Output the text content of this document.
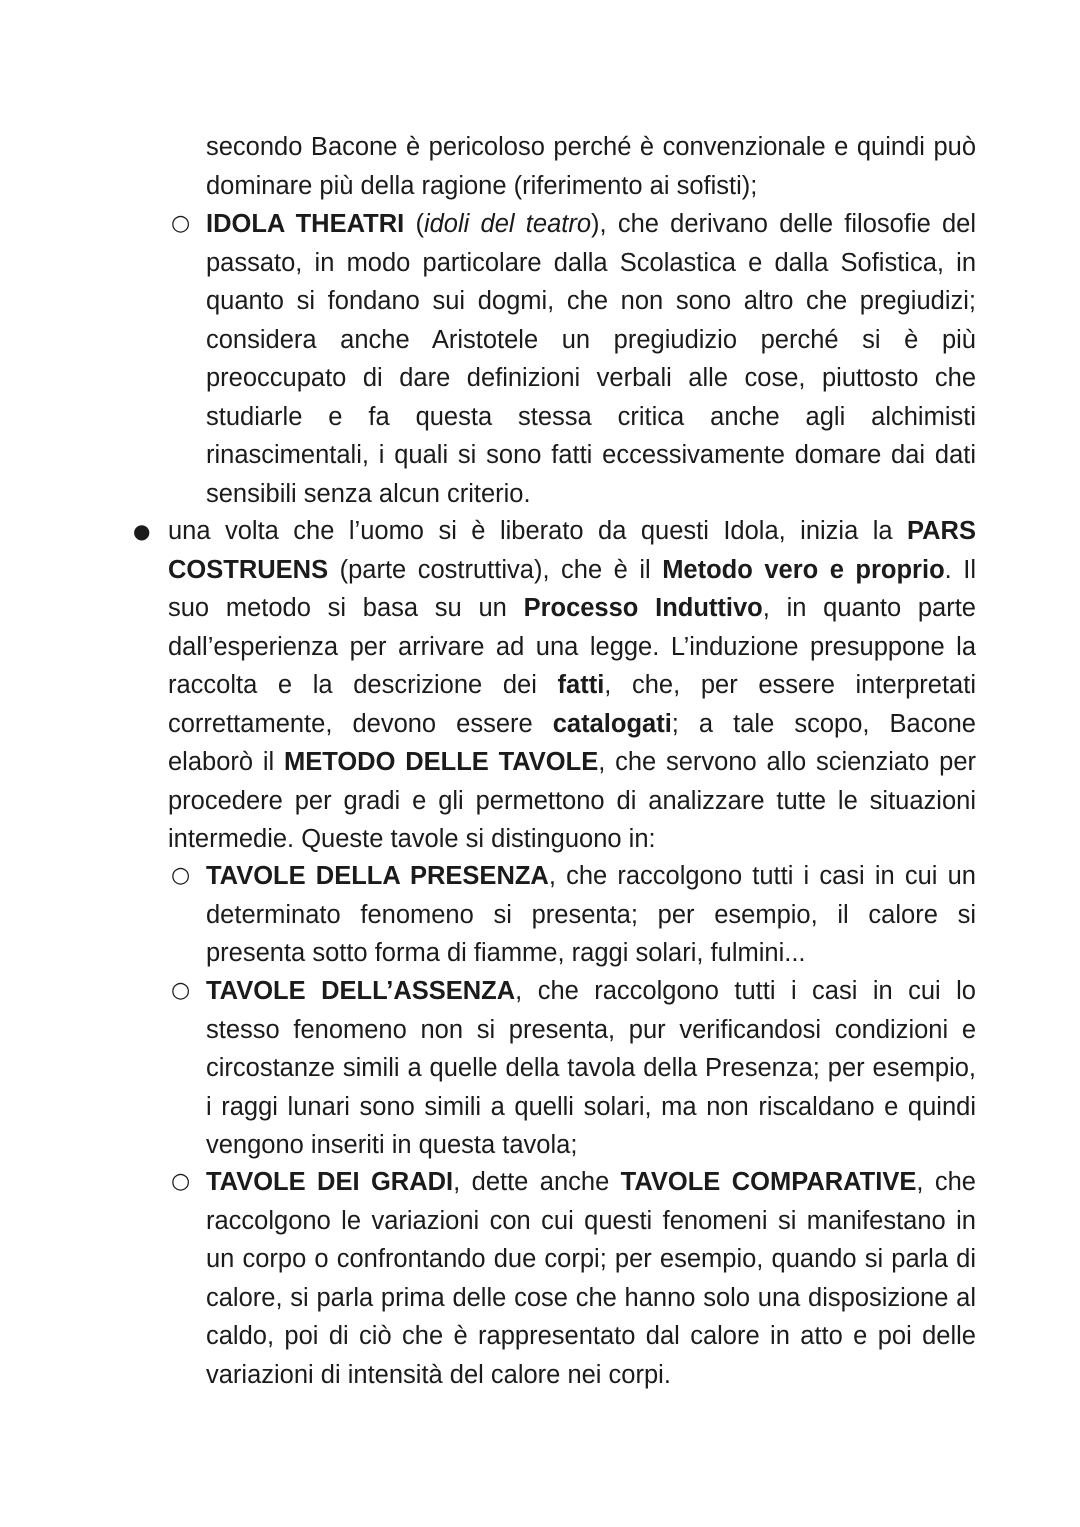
secondo Bacone è pericoloso perché è convenzionale e quindi può dominare più della ragione (riferimento ai sofisti);

○ IDOLA THEATRI (idoli del teatro), che derivano delle filosofie del passato, in modo particolare dalla Scolastica e dalla Sofistica, in quanto si fondano sui dogmi, che non sono altro che pregiudizi; considera anche Aristotele un pregiudizio perché si è più preoccupato di dare definizioni verbali alle cose, piuttosto che studiarle e fa questa stessa critica anche agli alchimisti rinascimentali, i quali si sono fatti eccessivamente domare dai dati sensibili senza alcun criterio.

● una volta che l’uomo si è liberato da questi Idola, inizia la PARS COSTRUENS (parte costruttiva), che è il Metodo vero e proprio. Il suo metodo si basa su un Processo Induttivo, in quanto parte dall’esperienza per arrivare ad una legge. L’induzione presuppone la raccolta e la descrizione dei fatti, che, per essere interpretati correttamente, devono essere catalogati; a tale scopo, Bacone elaborò il METODO DELLE TAVOLE, che servono allo scienziato per procedere per gradi e gli permettono di analizzare tutte le situazioni intermedie. Queste tavole si distinguono in:

○ TAVOLE DELLA PRESENZA, che raccolgono tutti i casi in cui un determinato fenomeno si presenta; per esempio, il calore si presenta sotto forma di fiamme, raggi solari, fulmini...

○ TAVOLE DELL’ASSENZA, che raccolgono tutti i casi in cui lo stesso fenomeno non si presenta, pur verificandosi condizioni e circostanze simili a quelle della tavola della Presenza; per esempio, i raggi lunari sono simili a quelli solari, ma non riscaldano e quindi vengono inseriti in questa tavola;

○ TAVOLE DEI GRADI, dette anche TAVOLE COMPARATIVE, che raccolgono le variazioni con cui questi fenomeni si manifestano in un corpo o confrontando due corpi; per esempio, quando si parla di calore, si parla prima delle cose che hanno solo una disposizione al caldo, poi di ciò che è rappresentato dal calore in atto e poi delle variazioni di intensità del calore nei corpi.
